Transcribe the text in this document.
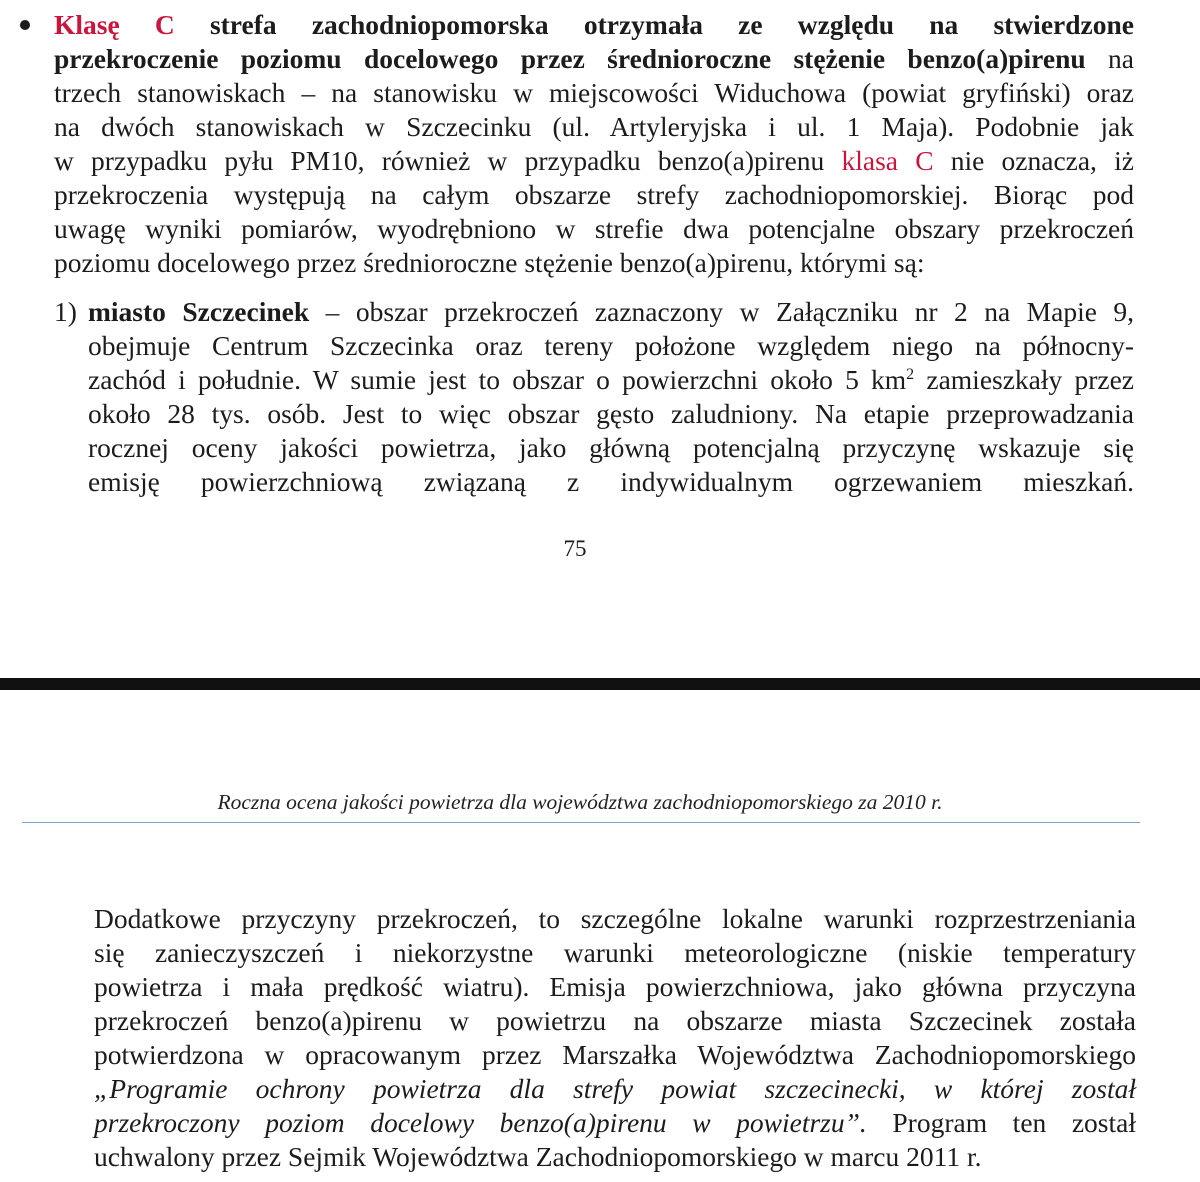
Klasę C strefa zachodniopomorska otrzymała ze względu na stwierdzone
przekroczenie poziomu docelowego przez średnioroczne stężenie benzo(a)pirenu na
trzech stanowiskach – na stanowisku w miejscowości Widuchowa (powiat gryfiński) oraz
na dwóch stanowiskach w Szczecinku (ul. Artyleryjska i ul. 1 Maja). Podobnie jak
w przypadku pyłu PM10, również w przypadku benzo(a)pirenu klasa C nie oznacza, iż
przekroczenia występują na całym obszarze strefy zachodniopomorskiej. Biorąc pod
uwagę wyniki pomiarów, wyodrębniono w strefie dwa potencjalne obszary przekroczeń
poziomu docelowego przez średnioroczne stężenie benzo(a)pirenu, którymi są:
1) miasto Szczecinek – obszar przekroczeń zaznaczony w Załączniku nr 2 na Mapie 9,
obejmuje Centrum Szczecinka oraz tereny położone względem niego na północny-
zachód i południe. W sumie jest to obszar o powierzchni około 5 $km^2$ zamieszkały przez
około 28 tys. osób. Jest to więc obszar gęsto zaludniony. Na etapie przeprowadzania
rocznej oceny jakości powietrza, jako główną potencjalną przyczynę wskazuje się
emisję powierzchniową związaną z indywidualnym ogrzewaniem mieszkań.
75
Roczna ocena jakości powietrza dla województwa zachodniopomorskiego za 2010 r.
Dodatkowe przyczyny przekroczeń, to szczególne lokalne warunki rozprzestrzeniania
się zanieczyszczeń i niekorzystne warunki meteorologiczne (niskie temperatury
powietrza i mała prędkość wiatru). Emisja powierzchniowa, jako główna przyczyna
przekroczeń benzo(a)pirenu w powietrzu na obszarze miasta Szczecinek została
potwierdzona w opracowanym przez Marszałka Województwa Zachodniopomorskiego
„Programie ochrony powietrza dla strefy powiat szczecinecki, w której został
przekroczony poziom docelowy benzo(a)pirenu w powietrzu”. Program ten został
uchwalony przez Sejmik Województwa Zachodniopomorskiego w marcu 2011 r.
